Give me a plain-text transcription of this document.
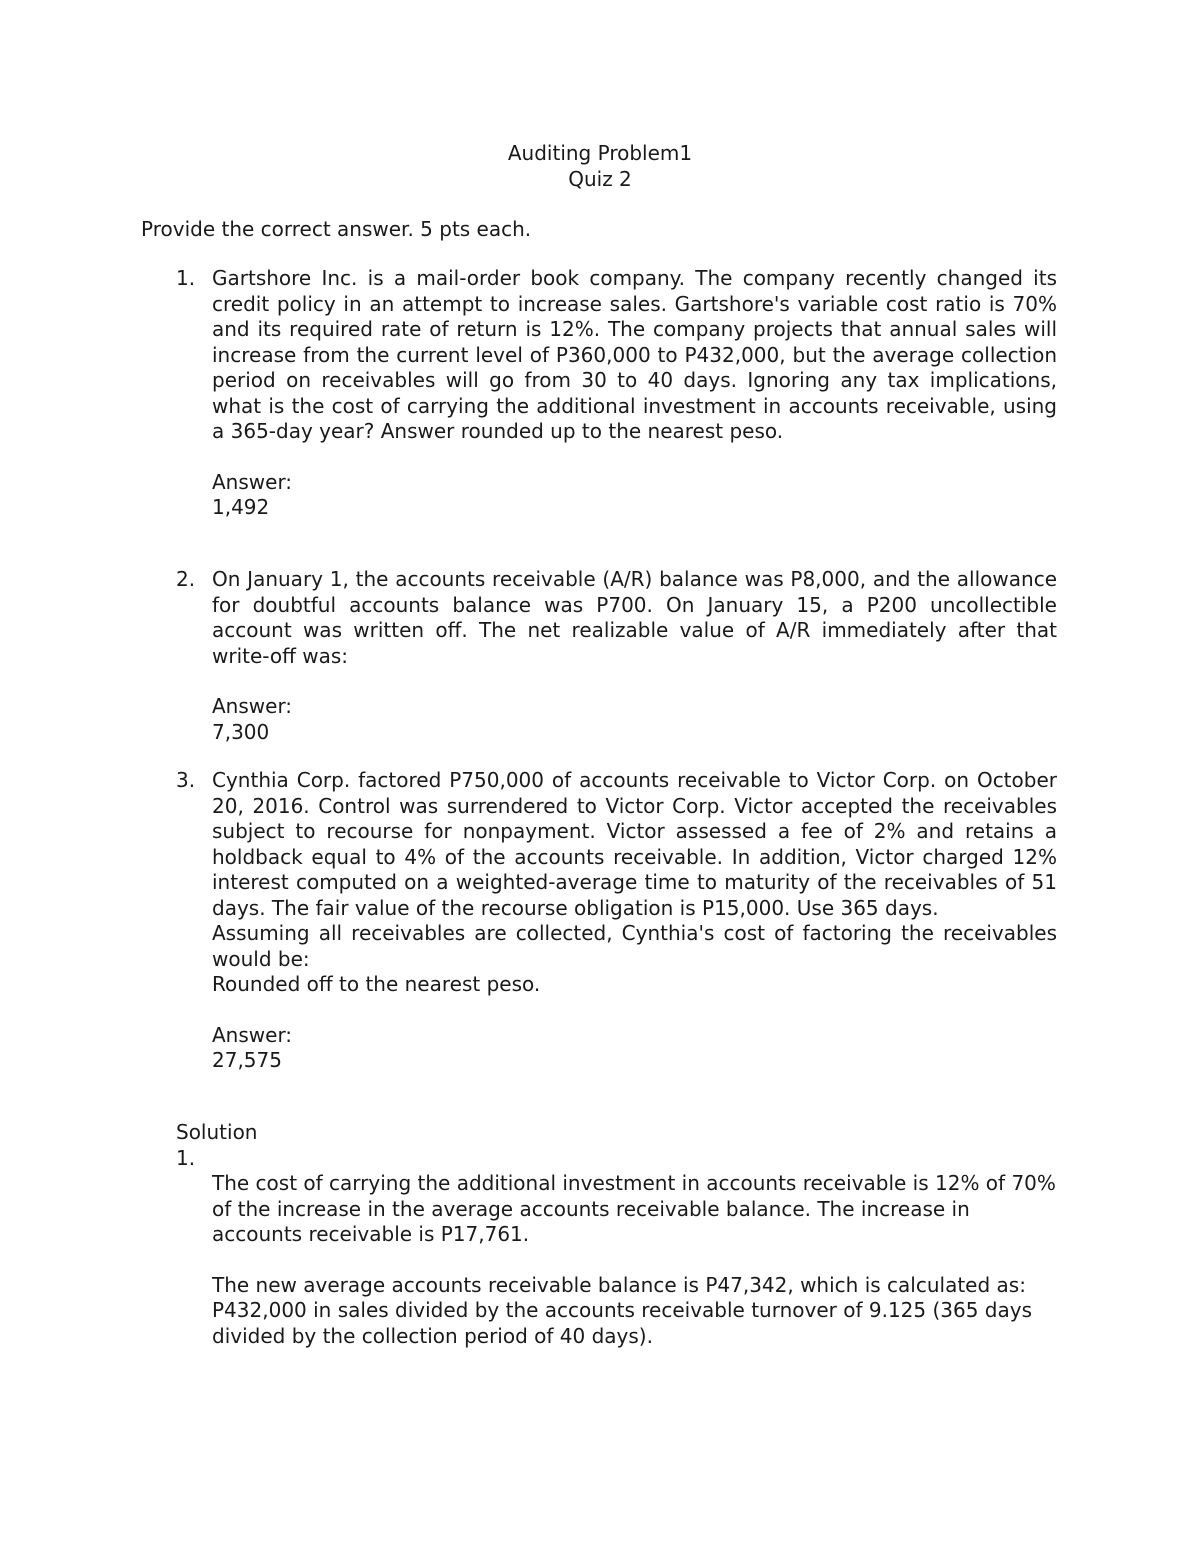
Auditing Problem1
Quiz 2
Provide the correct answer. 5 pts each.
1. Gartshore Inc. is a mail-order book company. The company recently changed its credit policy in an attempt to increase sales. Gartshore's variable cost ratio is 70% and its required rate of return is 12%. The company projects that annual sales will increase from the current level of P360,000 to P432,000, but the average collection period on receivables will go from 30 to 40 days. Ignoring any tax implications, what is the cost of carrying the additional investment in accounts receivable, using a 365-day year? Answer rounded up to the nearest peso.
Answer:
1,492
2. On January 1, the accounts receivable (A/R) balance was P8,000, and the allowance for doubtful accounts balance was P700. On January 15, a P200 uncollectible account was written off. The net realizable value of A/R immediately after that write-off was:
Answer:
7,300
3. Cynthia Corp. factored P750,000 of accounts receivable to Victor Corp. on October 20, 2016. Control was surrendered to Victor Corp. Victor accepted the receivables subject to recourse for nonpayment. Victor assessed a fee of 2% and retains a holdback equal to 4% of the accounts receivable. In addition, Victor charged 12% interest computed on a weighted-average time to maturity of the receivables of 51 days. The fair value of the recourse obligation is P15,000. Use 365 days.
Assuming all receivables are collected, Cynthia's cost of factoring the receivables would be:
Rounded off to the nearest peso.
Answer:
27,575
Solution
1.
The cost of carrying the additional investment in accounts receivable is 12% of 70% of the increase in the average accounts receivable balance. The increase in accounts receivable is P17,761.
The new average accounts receivable balance is P47,342, which is calculated as:
P432,000 in sales divided by the accounts receivable turnover of 9.125 (365 days divided by the collection period of 40 days).
